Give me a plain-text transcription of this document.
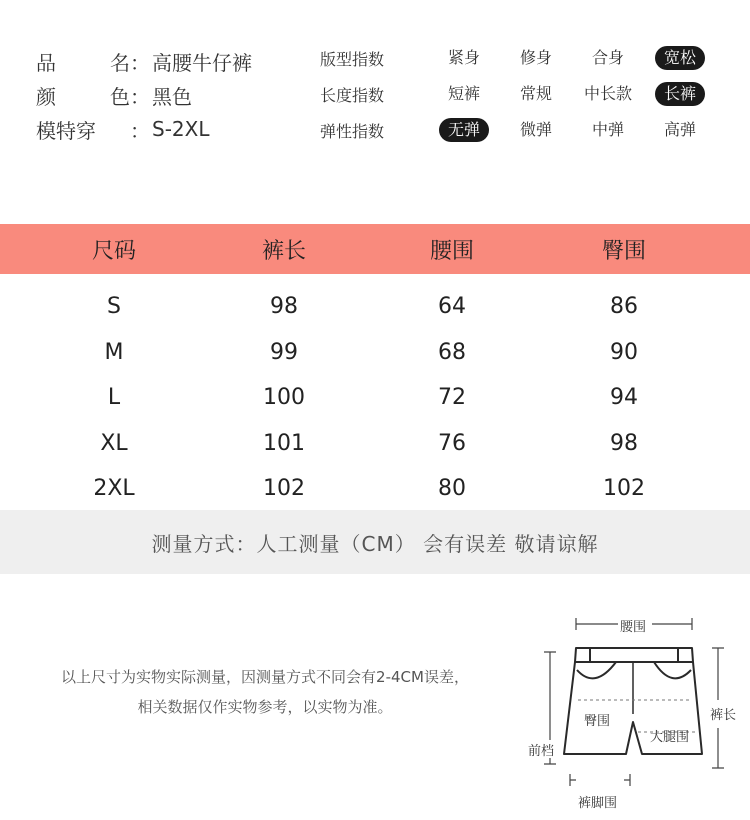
品	名 ： 高腰牛仔裤
颜	色 ： 黑色
模特穿 ： S-2XL
版型指数	紧身	修身	合身	宽松
长度指数	短裤	常规	中长款	长裤
弹性指数	无弹	微弹	中弹	高弹
尺码	裤长	腰围	臀围
S	98	64	86
M	99	68	90
L	100	72	94
XL	101	76	98
2XL	102	80	102
测量方式：人工测量（CM） 会有误差 敬请谅解
以上尺寸为实物实际测量，因测量方式不同会有2-4CM误差，
相关数据仅作实物参考，以实物为准。
腰围
裤长
臀围
大腿围
前档
裤脚围
